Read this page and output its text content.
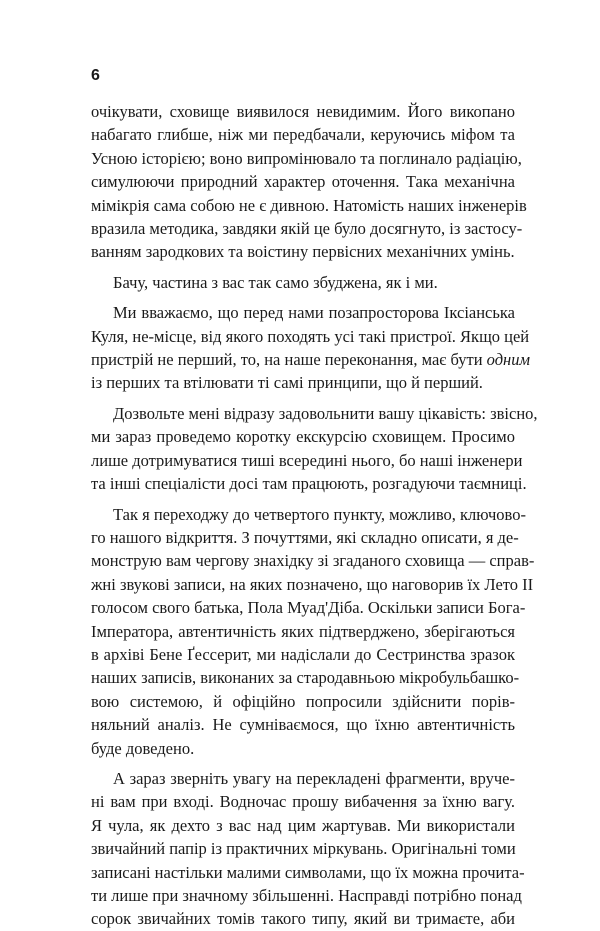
6
очікувати, сховище виявилося невидимим. Його викопано
набагато глибше, ніж ми передбачали, керуючись міфом та
Усною історією; воно випромінювало та поглинало радіацію,
симулюючи природний характер оточення. Така механічна
мімікрія сама собою не є дивною. Натомість наших інженерів
вразила методика, завдяки якій це було досягнуто, із застосу-
ванням зародкових та воістину первісних механічних умінь.
Бачу, частина з вас так само збуджена, як і ми.
Ми вважаємо, що перед нами позапросторова Іксіанська
Куля, не-місце, від якого походять усі такі пристрої. Якщо цей
пристрій не перший, то, на наше переконання, має бути одним
із перших та втілювати ті самі принципи, що й перший.
Дозвольте мені відразу задовольнити вашу цікавість: звісно,
ми зараз проведемо коротку екскурсію сховищем. Просимо
лише дотримуватися тиші всередині нього, бо наші інженери
та інші спеціалісти досі там працюють, розгадуючи таємниці.
Так я переходжу до четвертого пункту, можливо, ключово-
го нашого відкриття. З почуттями, які складно описати, я де-
монструю вам чергову знахідку зі згаданого сховища — справ-
жні звукові записи, на яких позначено, що наговорив їх Лето II
голосом свого батька, Пола Муад'Діба. Оскільки записи Бога-
Імператора, автентичність яких підтверджено, зберігаються
в архіві Бене Ґессерит, ми надіслали до Сестринства зразок
наших записів, виконаних за стародавньою мікробульбашко-
вою системою, й офіційно попросили здійснити порів-
няльний аналіз. Не сумніваємося, що їхню автентичність
буде доведено.
А зараз зверніть увагу на перекладені фрагменти, вруче-
ні вам при вході. Водночас прошу вибачення за їхню вагу.
Я чула, як дехто з вас над цим жартував. Ми використали
звичайний папір із практичних міркувань. Оригінальні томи
записані настільки малими символами, що їх можна прочита-
ти лише при значному збільшенні. Насправді потрібно понад
сорок звичайних томів такого типу, який ви тримаєте, аби
